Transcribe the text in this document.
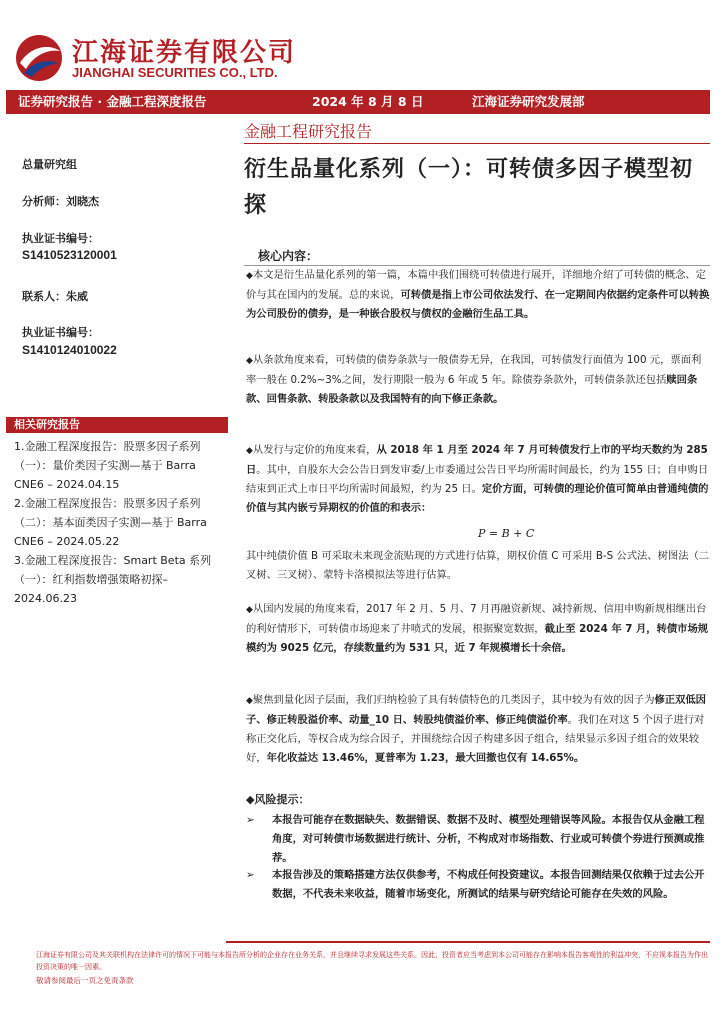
江海证券有限公司
JIANGHAI SECURITIES CO., LTD.
证券研究报告 · 金融工程深度报告	2024 年 8 月 8 日	江海证券研究发展部
金融工程研究报告
衍生品量化系列（一）：可转债多因子模型初探
总量研究组
分析师：刘晓杰
执业证书编号：
S1410523120001
联系人：朱威
执业证书编号：
S1410124010022
相关研究报告

1.金融工程深度报告：股票多因子系列（一）：量价类因子实测—基于 Barra CNE6 – 2024.04.15

2.金融工程深度报告：股票多因子系列（二）：基本面类因子实测—基于 Barra CNE6 – 2024.05.22

3.金融工程深度报告：Smart Beta 系列（一）：红利指数增强策略初探– 2024.06.23

核心内容：
◆本文是衍生品量化系列的第一篇，本篇中我们围绕可转债进行展开，详细地介绍了可转债的概念、定价与其在国内的发展。总的来说，可转债是指上市公司依法发行、在一定期间内依据约定条件可以转换为公司股份的债券，是一种嵌合股权与债权的金融衍生品工具。
◆从条款角度来看，可转债的债券条款与一般债券无异，在我国，可转债发行面值为 100 元，票面利率一般在 0.2%~3%之间，发行期限一般为 6 年或 5 年。除债券条款外，可转债条款还包括赎回条款、回售条款、转股条款以及我国特有的向下修正条款。
◆从发行与定价的角度来看，从 2018 年 1 月至 2024 年 7 月可转债发行上市的平均天数约为 285 日。其中，自股东大会公告日到发审委/上市委通过公告日平均所需时间最长，约为 155 日；自申购日结束到正式上市日平均所需时间最短，约为 25 日。定价方面，可转债的理论价值可简单由普通纯债的价值与其内嵌亏异期权的价值的和表示：
P = B + C
其中纯债价值 B 可采取未来现金流贴现的方式进行估算，期权价值 C 可采用 B-S 公式法、树图法（二叉树、三叉树）、蒙特卡洛模拟法等进行估算。
◆从国内发展的角度来看，2017 年 2 月、5 月、7 月再融资新规、减持新规、信用申购新规相继出台的利好情形下，可转债市场迎来了井喷式的发展，根据聚宽数据，截止至 2024 年 7 月，转债市场规模约为 9025 亿元，存续数量约为 531 只，近 7 年规模增长十余倍。
◆聚焦到量化因子层面，我们归纳检验了具有转债特色的几类因子，其中较为有效的因子为修正双低因子、修正转股溢价率、动量_10 日、转股纯债溢价率、修正纯债溢价率。我们在对这 5 个因子进行对称正交化后，等权合成为综合因子，并围绕综合因子构建多因子组合，结果显示多因子组合的效果较好，年化收益达 13.46%，夏普率为 1.23，最大回撤也仅有 14.65%。
◆风险提示：
➢ 本报告可能存在数据缺失、数据错误、数据不及时、模型处理错误等风险。本报告仅从金融工程角度，对可转债市场数据进行统计、分析，不构成对市场指数、行业或可转债个券进行预测或推荐。
➢ 本报告涉及的策略搭建方法仅供参考，不构成任何投资建议。本报告回测结果仅依赖于过去公开数据，不代表未来收益，随着市场变化，所测试的结果与研究结论可能存在失效的风险。
江海证券有限公司及其关联机构在法律许可的情况下可能与本报告所分析的企业存在业务关系，并且继续寻求发展这些关系。因此，投资者应当考虑到本公司可能存在影响本报告客观性的利益冲突，不应视本报告为作出投资决策的唯一因素。
敬请参阅最后一页之免责条款
